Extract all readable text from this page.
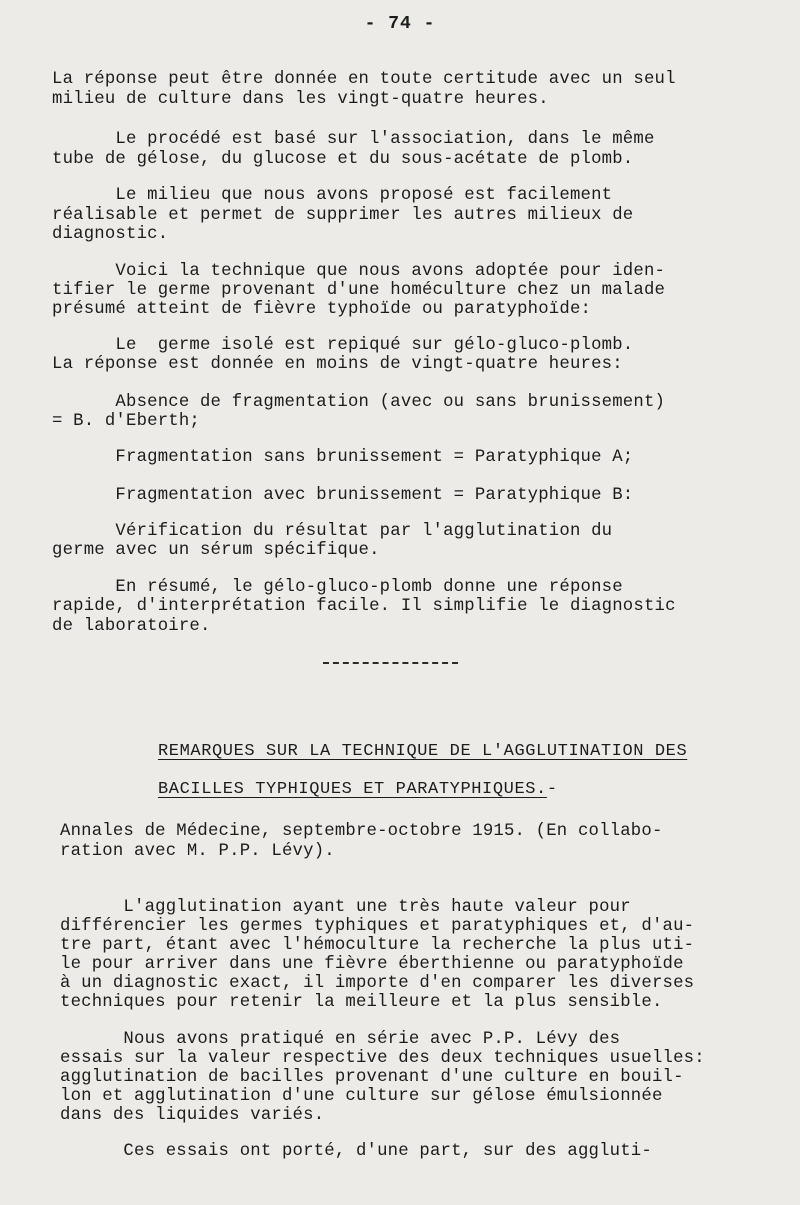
- 74 -
La réponse peut être donnée en toute certitude avec un seul
milieu de culture dans les vingt-quatre heures.
Le procédé est basé sur l'association, dans le même
tube de gélose, du glucose et du sous-acétate de plomb.
Le milieu que nous avons proposé est facilement
réalisable et permet de supprimer les autres milieux de
diagnostic.
Voici la technique que nous avons adoptée pour iden-
tifier le germe provenant d'une homéculture chez un malade
présumé atteint de fièvre typhoïde ou paratyphoïde:
Le  germe isolé est repiqué sur gélo-gluco-plomb.
La réponse est donnée en moins de vingt-quatre heures:
Absence de fragmentation (avec ou sans brunissement)
= B. d'Eberth;
Fragmentation sans brunissement = Paratyphique A;
Fragmentation avec brunissement = Paratyphique B:
Vérification du résultat par l'agglutination du
germe avec un sérum spécifique.
En résumé, le gélo-gluco-plomb donne une réponse
rapide, d'interprétation facile. Il simplifie le diagnostic
de laboratoire.
REMARQUES SUR LA TECHNIQUE DE L'AGGLUTINATION DES
BACILLES TYPHIQUES ET PARATYPHIQUES.-
Annales de Médecine, septembre-octobre 1915. (En collabo-
ration avec M. P.P. Lévy).
L'agglutination ayant une très haute valeur pour
différencier les germes typhiques et paratyphiques et, d'au-
tre part, étant avec l'hémoculture la recherche la plus uti-
le pour arriver dans une fièvre éberthienne ou paratyphoïde
à un diagnostic exact, il importe d'en comparer les diverses
techniques pour retenir la meilleure et la plus sensible.
Nous avons pratiqué en série avec P.P. Lévy des
essais sur la valeur respective des deux techniques usuelles:
agglutination de bacilles provenant d'une culture en bouil-
lon et agglutination d'une culture sur gélose émulsionnée
dans des liquides variés.
Ces essais ont porté, d'une part, sur des aggluti-
